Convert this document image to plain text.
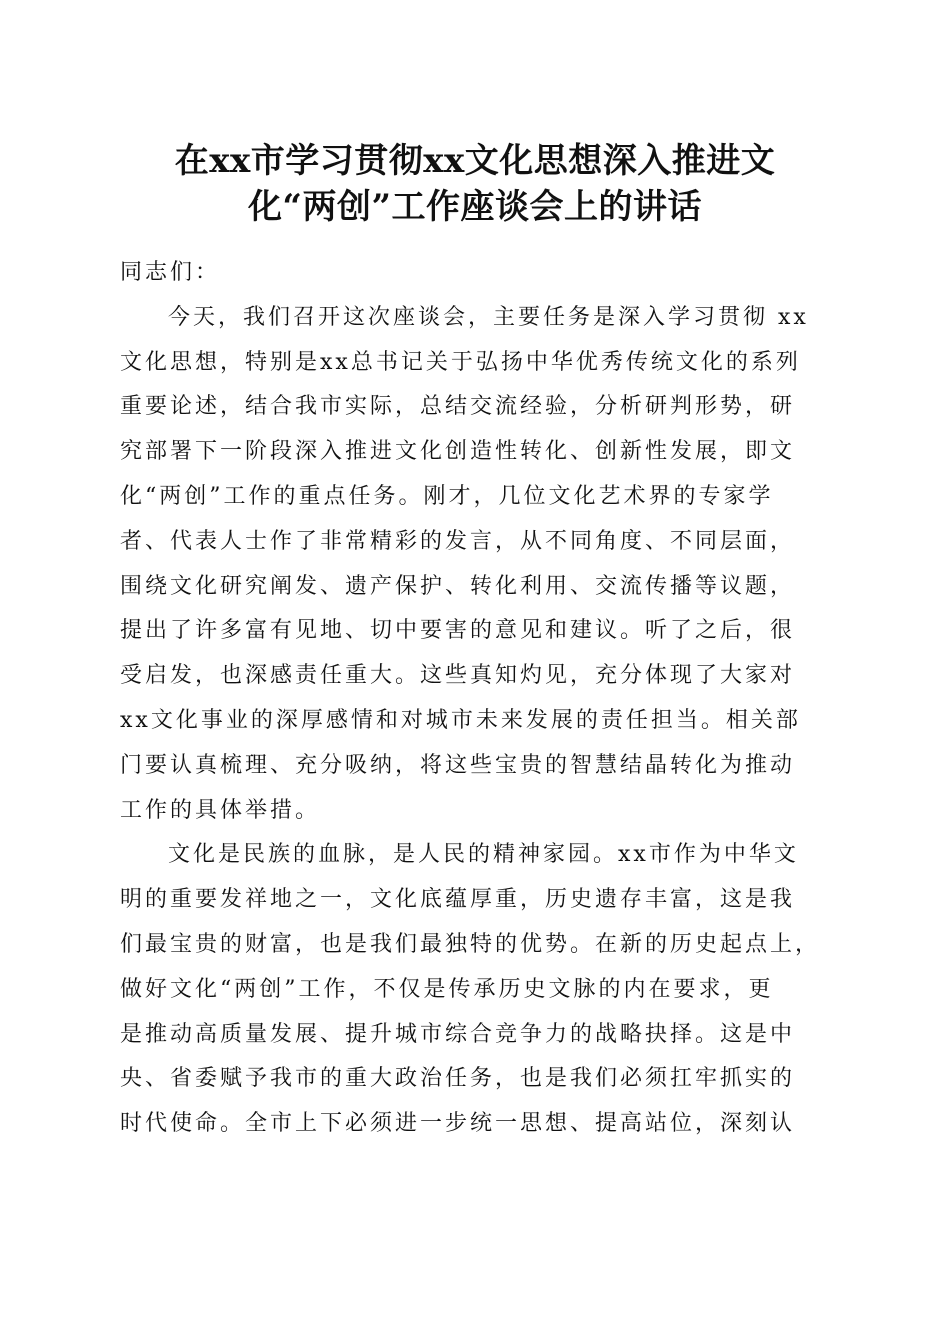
在xx市学习贯彻xx文化思想深入推进文
化“两创”工作座谈会上的讲话
同志们：
今天，我们召开这次座谈会，主要任务是深入学习贯彻 xx
文化思想，特别是xx总书记关于弘扬中华优秀传统文化的系列
重要论述，结合我市实际，总结交流经验，分析研判形势，研
究部署下一阶段深入推进文化创造性转化、创新性发展，即文
化“两创”工作的重点任务。刚才，几位文化艺术界的专家学
者、代表人士作了非常精彩的发言，从不同角度、不同层面，
围绕文化研究阐发、遗产保护、转化利用、交流传播等议题，
提出了许多富有见地、切中要害的意见和建议。听了之后，很
受启发，也深感责任重大。这些真知灼见，充分体现了大家对
xx文化事业的深厚感情和对城市未来发展的责任担当。相关部
门要认真梳理、充分吸纳，将这些宝贵的智慧结晶转化为推动
工作的具体举措。
文化是民族的血脉，是人民的精神家园。xx市作为中华文
明的重要发祥地之一，文化底蕴厚重，历史遗存丰富，这是我
们最宝贵的财富，也是我们最独特的优势。在新的历史起点上，
做好文化“两创”工作，不仅是传承历史文脉的内在要求，更
是推动高质量发展、提升城市综合竞争力的战略抉择。这是中
央、省委赋予我市的重大政治任务，也是我们必须扛牢抓实的
时代使命。全市上下必须进一步统一思想、提高站位，深刻认
